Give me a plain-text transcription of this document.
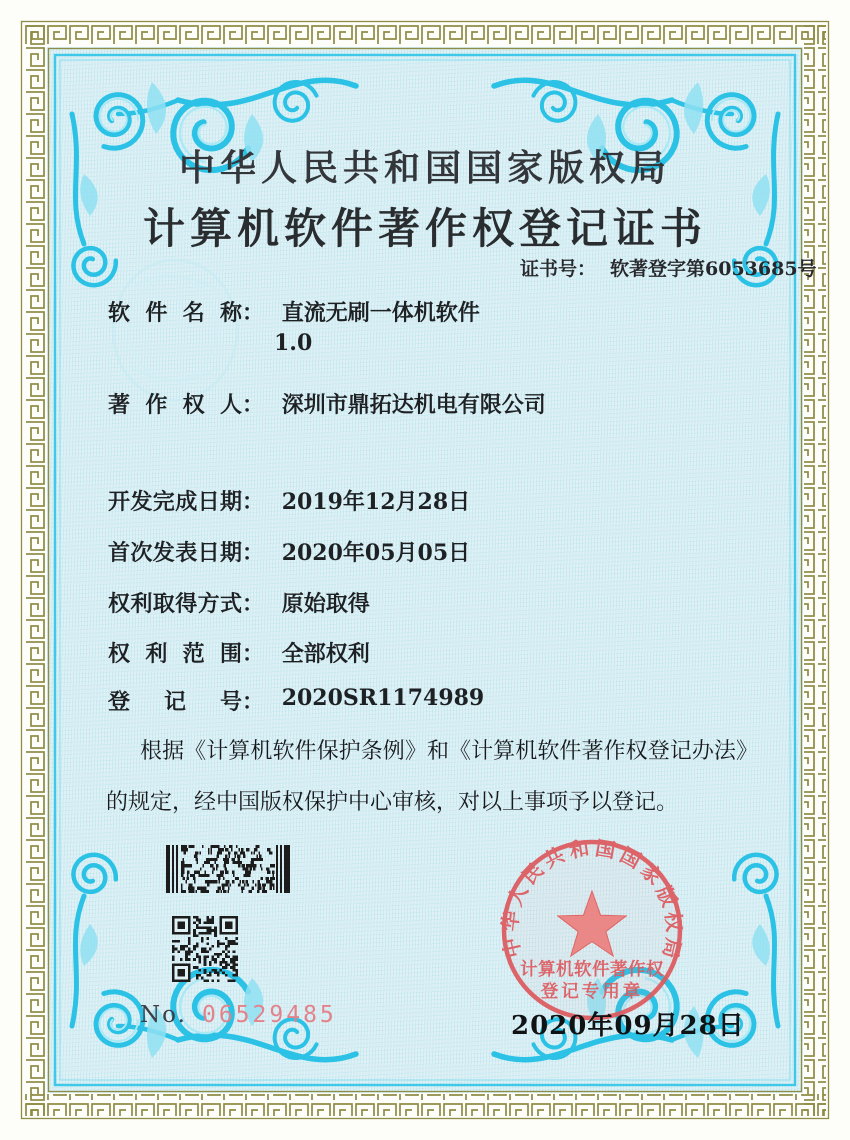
中华人民共和国国家版权局
计算机软件著作权登记证书
证书号： 软著登字第6053685号
软件名称： 直流无刷一体机软件
1.0
著作权人： 深圳市鼎拓达机电有限公司
开发完成日期： 2019年12月28日
首次发表日期： 2020年05月05日
权利取得方式： 原始取得
权利范围： 全部权利
登记号： 2020SR1174989
根据《计算机软件保护条例》和《计算机软件著作权登记办法》的规定，经中国版权保护中心审核，对以上事项予以登记。
No. 06529485
中华人民共和国国家版权局
计算机软件著作权
登记专用章
2020年09月28日
